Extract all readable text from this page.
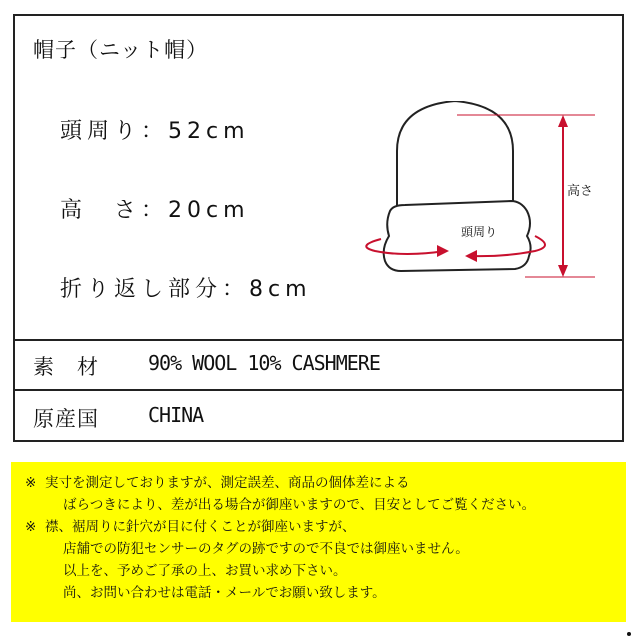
帽子（ニット帽）
頭周り：52cm
高　さ：20cm
折り返し部分：8cm
高さ
頭周り
素　材 90% WOOL 10% CASHMERE
原産国 CHINA
※ 実寸を測定しておりますが、測定誤差、商品の個体差による
ばらつきにより、差が出る場合が御座いますので、目安としてご覧ください。
※ 襟、裾周りに針穴が目に付くことが御座いますが、
店舗での防犯センサーのタグの跡ですので不良では御座いません。
以上を、予めご了承の上、お買い求め下さい。
尚、お問い合わせは電話・メールでお願い致します。
